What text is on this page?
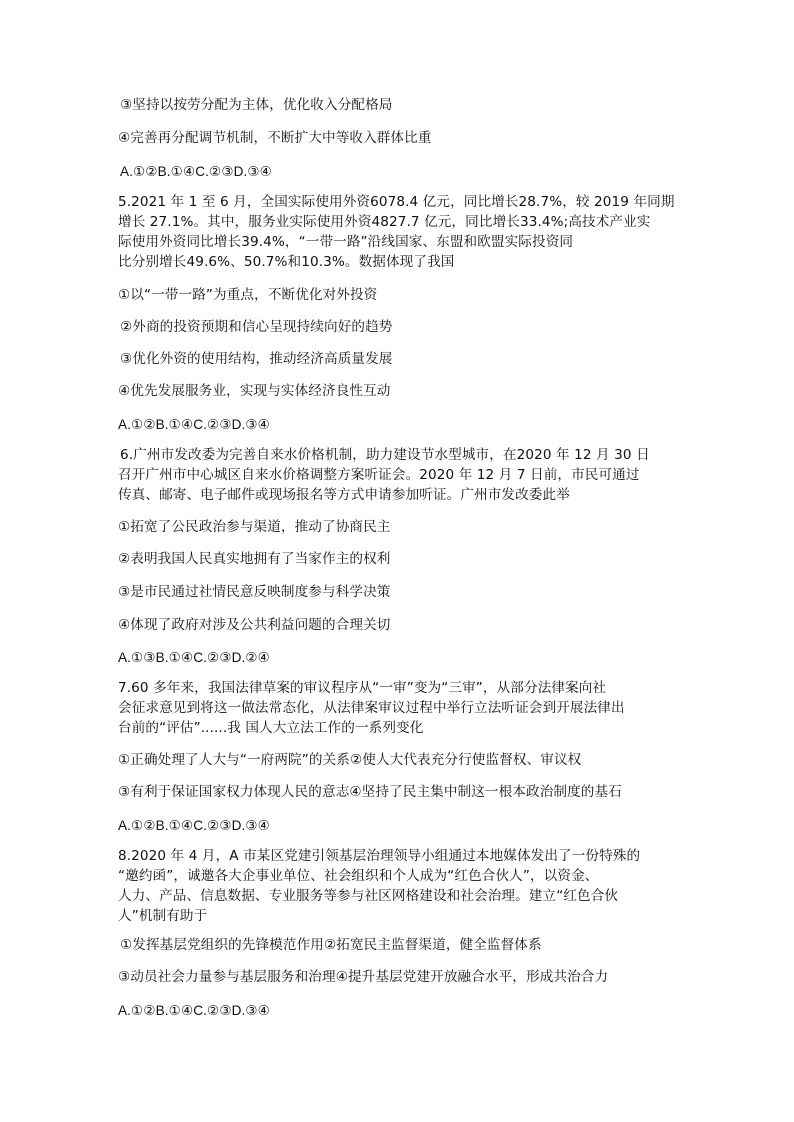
③坚持以按劳分配为主体，优化收入分配格局
④完善再分配调节机制，不断扩大中等收入群体比重
A.①②B.①④C.②③D.③④
5.2021 年 1 至 6 月，全国实际使用外资6078.4 亿元，同比增长28.7%，较 2019 年同期
增长 27.1%。其中，服务业实际使用外资4827.7 亿元，同比增长33.4%;高技术产业实
际使用外资同比增长39.4%，“一带一路”沿线国家、东盟和欧盟实际投资同
比分别增长49.6%、50.7%和10.3%。数据体现了我国
①以“一带一路”为重点，不断优化对外投资
②外商的投资预期和信心呈现持续向好的趋势
③优化外资的使用结构，推动经济高质量发展
④优先发展服务业，实现与实体经济良性互动
A.①②B.①④C.②③D.③④
6.广州市发改委为完善自来水价格机制，助力建设节水型城市，在2020 年 12 月 30 日
召开广州市中心城区自来水价格调整方案听证会。2020 年 12 月 7 日前，市民可通过
传真、邮寄、电子邮件或现场报名等方式申请参加听证。广州市发改委此举
①拓宽了公民政治参与渠道，推动了协商民主
②表明我国人民真实地拥有了当家作主的权利
③是市民通过社情民意反映制度参与科学决策
④体现了政府对涉及公共利益问题的合理关切
A.①③B.①④C.②③D.②④
7.60 多年来，我国法律草案的审议程序从“一审”变为“三审”，从部分法律案向社
会征求意见到将这一做法常态化，从法律案审议过程中举行立法听证会到开展法律出
台前的“评估”......我 国人大立法工作的一系列变化
①正确处理了人大与“一府两院”的关系②使人大代表充分行使监督权、审议权
③有利于保证国家权力体现人民的意志④坚持了民主集中制这一根本政治制度的基石
A.①②B.①④C.②③D.③④
8.2020 年 4 月，A 市某区党建引领基层治理领导小组通过本地媒体发出了一份特殊的
“邀约函”，诚邀各大企事业单位、社会组织和个人成为“红色合伙人”，以资金、
人力、产品、信息数据、专业服务等参与社区网格建设和社会治理。建立“红色合伙
人”机制有助于
①发挥基层党组织的先锋模范作用②拓宽民主监督渠道，健全监督体系
③动员社会力量参与基层服务和治理④提升基层党建开放融合水平，形成共治合力
A.①②B.①④C.②③D.③④
